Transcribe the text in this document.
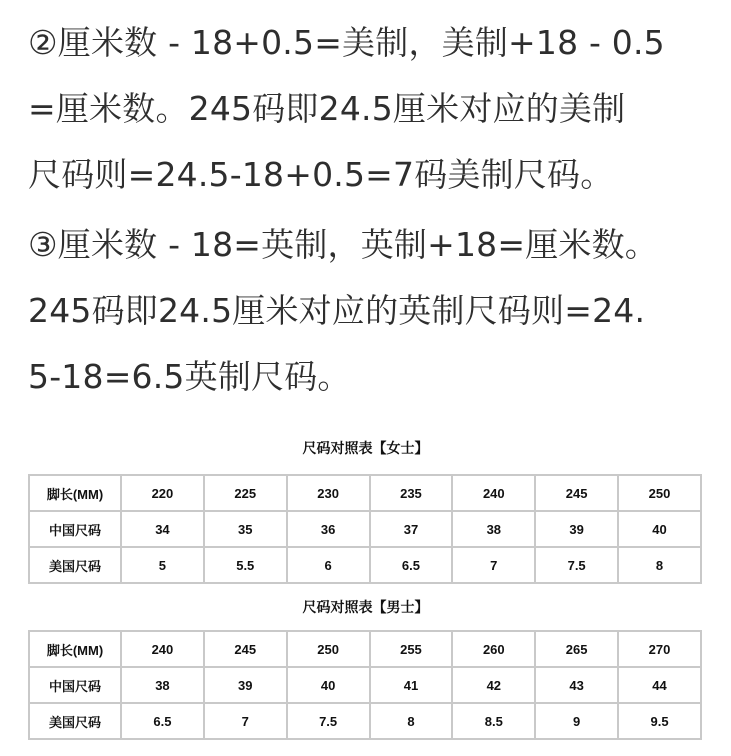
②厘米数 - 18+0.5=美制，美制+18 - 0.5
=厘米数。245码即24.5厘米对应的美制
尺码则=24.5-18+0.5=7码美制尺码。
③厘米数 - 18=英制，英制+18=厘米数。
245码即24.5厘米对应的英制尺码则=24.
5-18=6.5英制尺码。
尺码对照表【女士】
脚长(MM)	220	225	230	235	240	245	250
中国尺码	34	35	36	37	38	39	40
美国尺码	5	5.5	6	6.5	7	7.5	8
尺码对照表【男士】
脚长(MM)	240	245	250	255	260	265	270
中国尺码	38	39	40	41	42	43	44
美国尺码	6.5	7	7.5	8	8.5	9	9.5
